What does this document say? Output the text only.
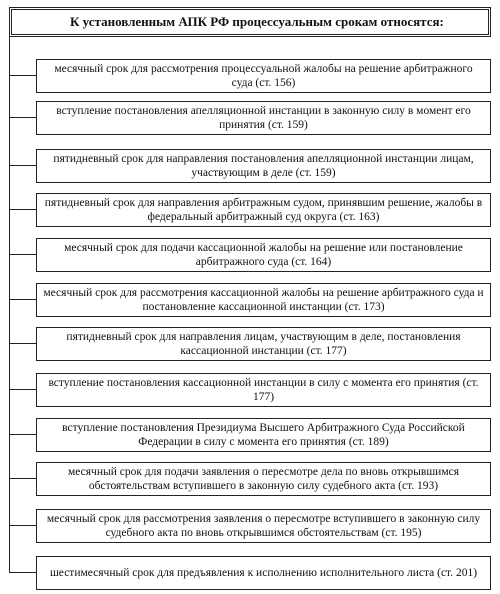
К установленным АПК РФ процессуальным срокам относятся:
месячный срок для рассмотрения процессуальной жалобы на решение арбитражного суда (ст. 156)
вступление постановления апелляционной инстанции в законную силу в момент его принятия (ст. 159)
пятидневный срок для направления постановления апелляционной инстанции лицам, участвующим в деле (ст. 159)
пятидневный срок для направления арбитражным судом, принявшим решение, жалобы в федеральный арбитражный суд округа (ст. 163)
месячный срок для подачи кассационной жалобы на решение или постановление арбитражного суда (ст. 164)
месячный срок для рассмотрения кассационной жалобы на решение арбитражного суда и постановление кассационной инстанции (ст. 173)
пятидневный срок для направления лицам, участвующим в деле, постановления кассационной инстанции (ст. 177)
вступление постановления кассационной инстанции в силу с момента его принятия (ст. 177)
вступление постановления Президиума Высшего Арбитражного Суда Российской Федерации в силу с момента его принятия (ст. 189)
месячный срок для подачи заявления о пересмотре дела по вновь открывшимся обстоятельствам вступившего в законную силу судебного акта (ст. 193)
месячный срок для рассмотрения заявления о пересмотре вступившего в законную силу судебного акта по вновь открывшимся обстоятельствам (ст. 195)
шестимесячный срок для предъявления к исполнению исполнительного листа (ст. 201)
